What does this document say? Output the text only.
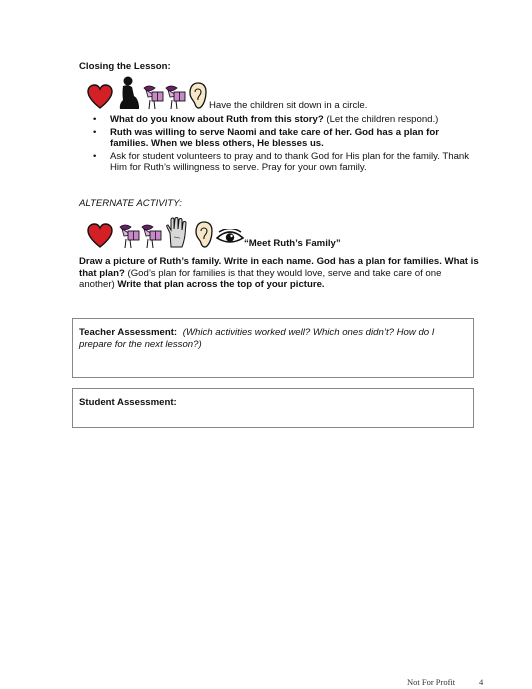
Closing the Lesson:
Have the children sit down in a circle.
• What do you know about Ruth from this story? (Let the children respond.)
• Ruth was willing to serve Naomi and take care of her. God has a plan for families. When we bless others, He blesses us.
• Ask for student volunteers to pray and to thank God for His plan for the family. Thank Him for Ruth’s willingness to serve. Pray for your own family.
ALTERNATE ACTIVITY:
“Meet Ruth’s Family”
Draw a picture of Ruth’s family. Write in each name. God has a plan for families. What is that plan? (God’s plan for families is that they would love, serve and take care of one another) Write that plan across the top of your picture.
Teacher Assessment: (Which activities worked well? Which ones didn’t? How do I prepare for the next lesson?)
Student Assessment:
Not For Profit	4
